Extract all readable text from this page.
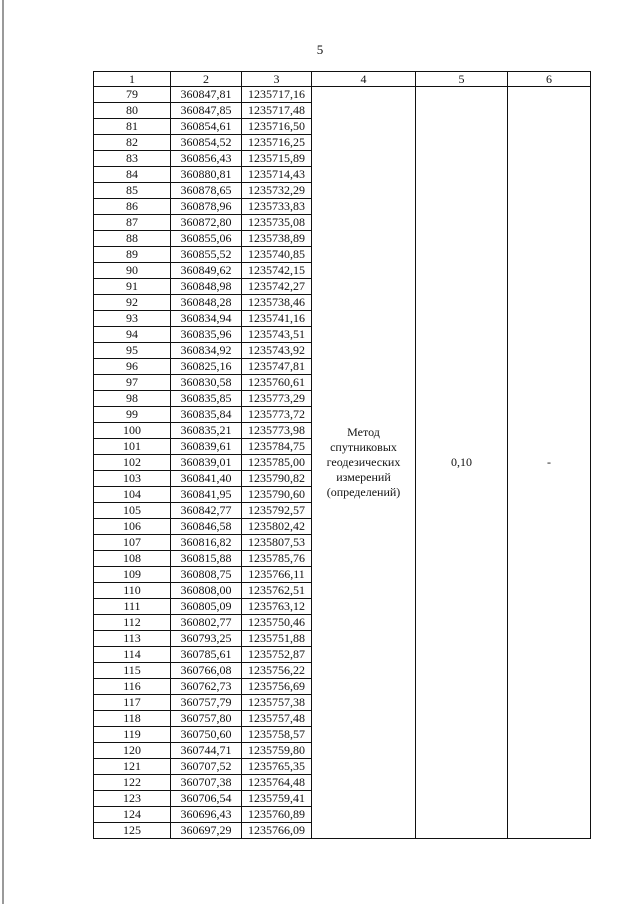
5
1	2	3	4	5	6
79	360847,81	1235717,16	Метод
спутниковых
геодезических
измерений
(определений)	0,10	-
80	360847,85	1235717,48			
81	360854,61	1235716,50			
82	360854,52	1235716,25			
83	360856,43	1235715,89			
84	360880,81	1235714,43			
85	360878,65	1235732,29			
86	360878,96	1235733,83			
87	360872,80	1235735,08			
88	360855,06	1235738,89			
89	360855,52	1235740,85			
90	360849,62	1235742,15			
91	360848,98	1235742,27			
92	360848,28	1235738,46			
93	360834,94	1235741,16			
94	360835,96	1235743,51			
95	360834,92	1235743,92			
96	360825,16	1235747,81			
97	360830,58	1235760,61			
98	360835,85	1235773,29			
99	360835,84	1235773,72			
100	360835,21	1235773,98			
101	360839,61	1235784,75			
102	360839,01	1235785,00			
103	360841,40	1235790,82			
104	360841,95	1235790,60			
105	360842,77	1235792,57			
106	360846,58	1235802,42			
107	360816,82	1235807,53			
108	360815,88	1235785,76			
109	360808,75	1235766,11			
110	360808,00	1235762,51			
111	360805,09	1235763,12			
112	360802,77	1235750,46			
113	360793,25	1235751,88			
114	360785,61	1235752,87			
115	360766,08	1235756,22			
116	360762,73	1235756,69			
117	360757,79	1235757,38			
118	360757,80	1235757,48			
119	360750,60	1235758,57			
120	360744,71	1235759,80			
121	360707,52	1235765,35			
122	360707,38	1235764,48			
123	360706,54	1235759,41			
124	360696,43	1235760,89			
125	360697,29	1235766,09			
